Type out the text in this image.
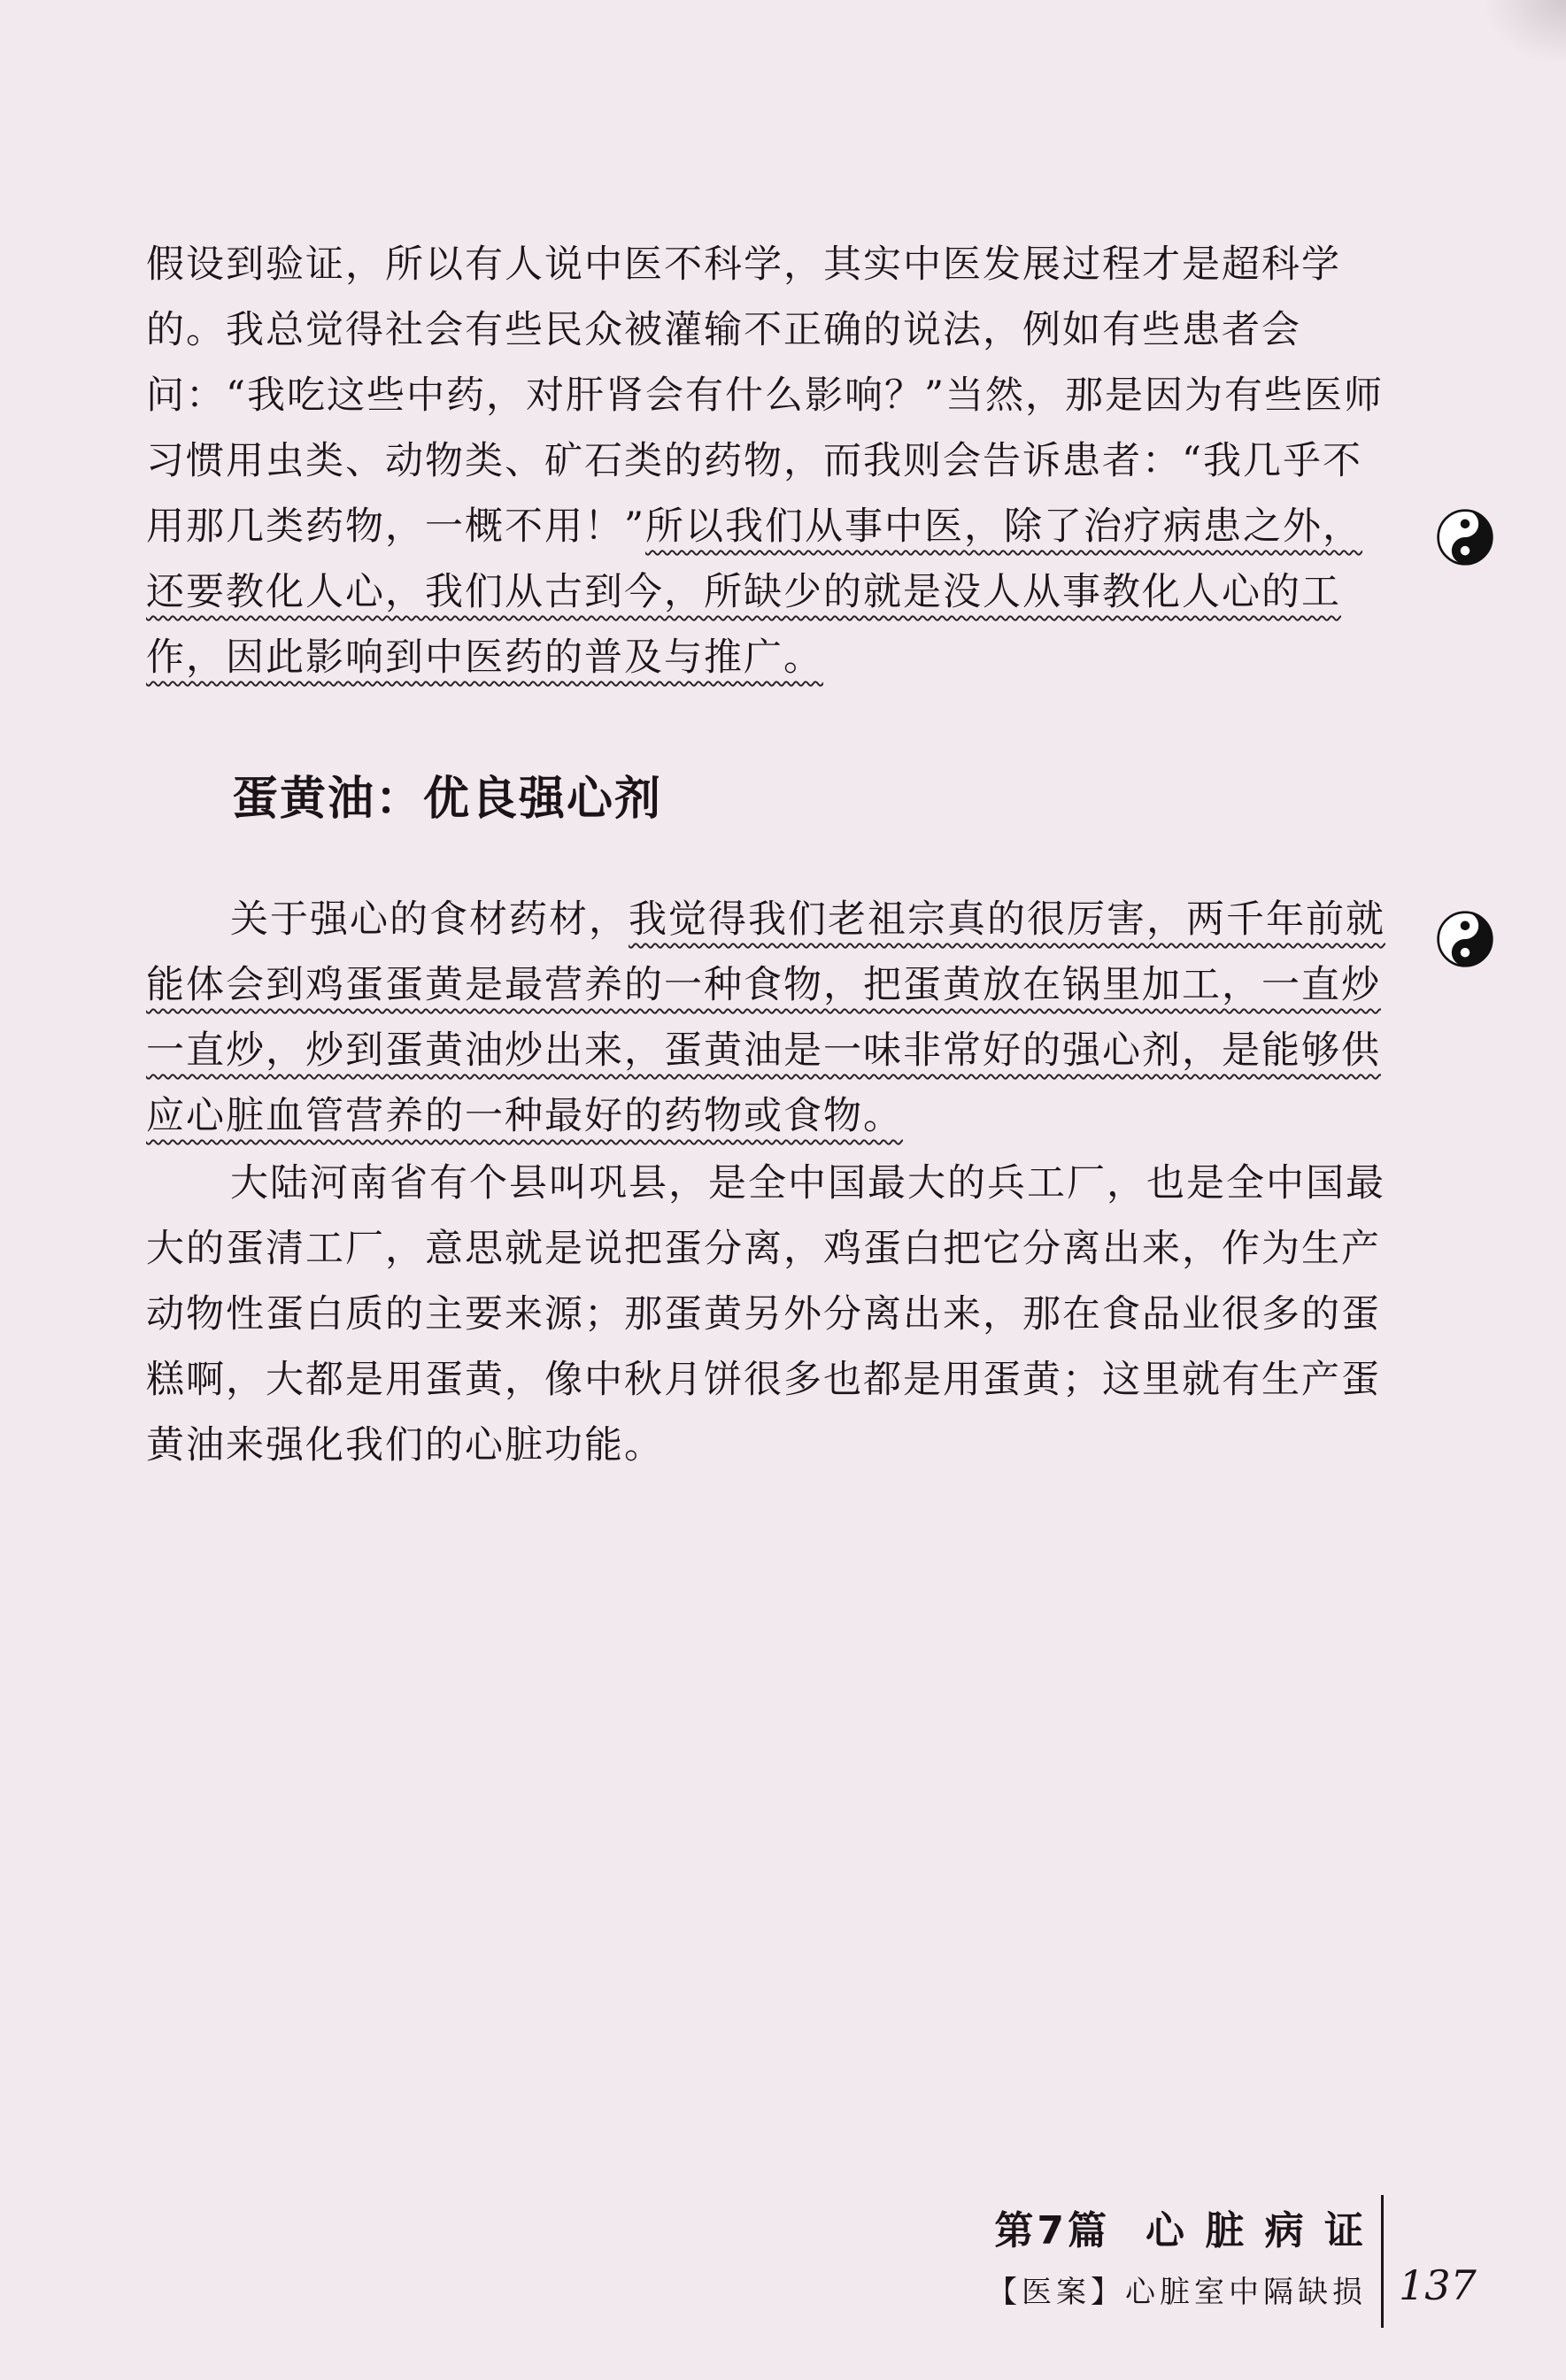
假设到验证，所以有人说中医不科学，其实中医发展过程才是超科学的。我总觉得社会有些民众被灌输不正确的说法，例如有些患者会问：“我吃这些中药，对肝肾会有什么影响？”当然，那是因为有些医师习惯用虫类、动物类、矿石类的药物，而我则会告诉患者：“我几乎不用那几类药物，一概不用！”所以我们从事中医，除了治疗病患之外，还要教化人心，我们从古到今，所缺少的就是没人从事教化人心的工作，因此影响到中医药的普及与推广。
蛋黄油：优良强心剂
关于强心的食材药材，我觉得我们老祖宗真的很厉害，两千年前就能体会到鸡蛋蛋黄是最营养的一种食物，把蛋黄放在锅里加工，一直炒一直炒，炒到蛋黄油炒出来，蛋黄油是一味非常好的强心剂，是能够供应心脏血管营养的一种最好的药物或食物。
大陆河南省有个县叫巩县，是全中国最大的兵工厂，也是全中国最大的蛋清工厂，意思就是说把蛋分离，鸡蛋白把它分离出来，作为生产动物性蛋白质的主要来源；那蛋黄另外分离出来，那在食品业很多的蛋糕啊，大都是用蛋黄，像中秋月饼很多也都是用蛋黄；这里就有生产蛋黄油来强化我们的心脏功能。
第7篇 心 脏 病 证
【医案】心脏室中隔缺损 137
